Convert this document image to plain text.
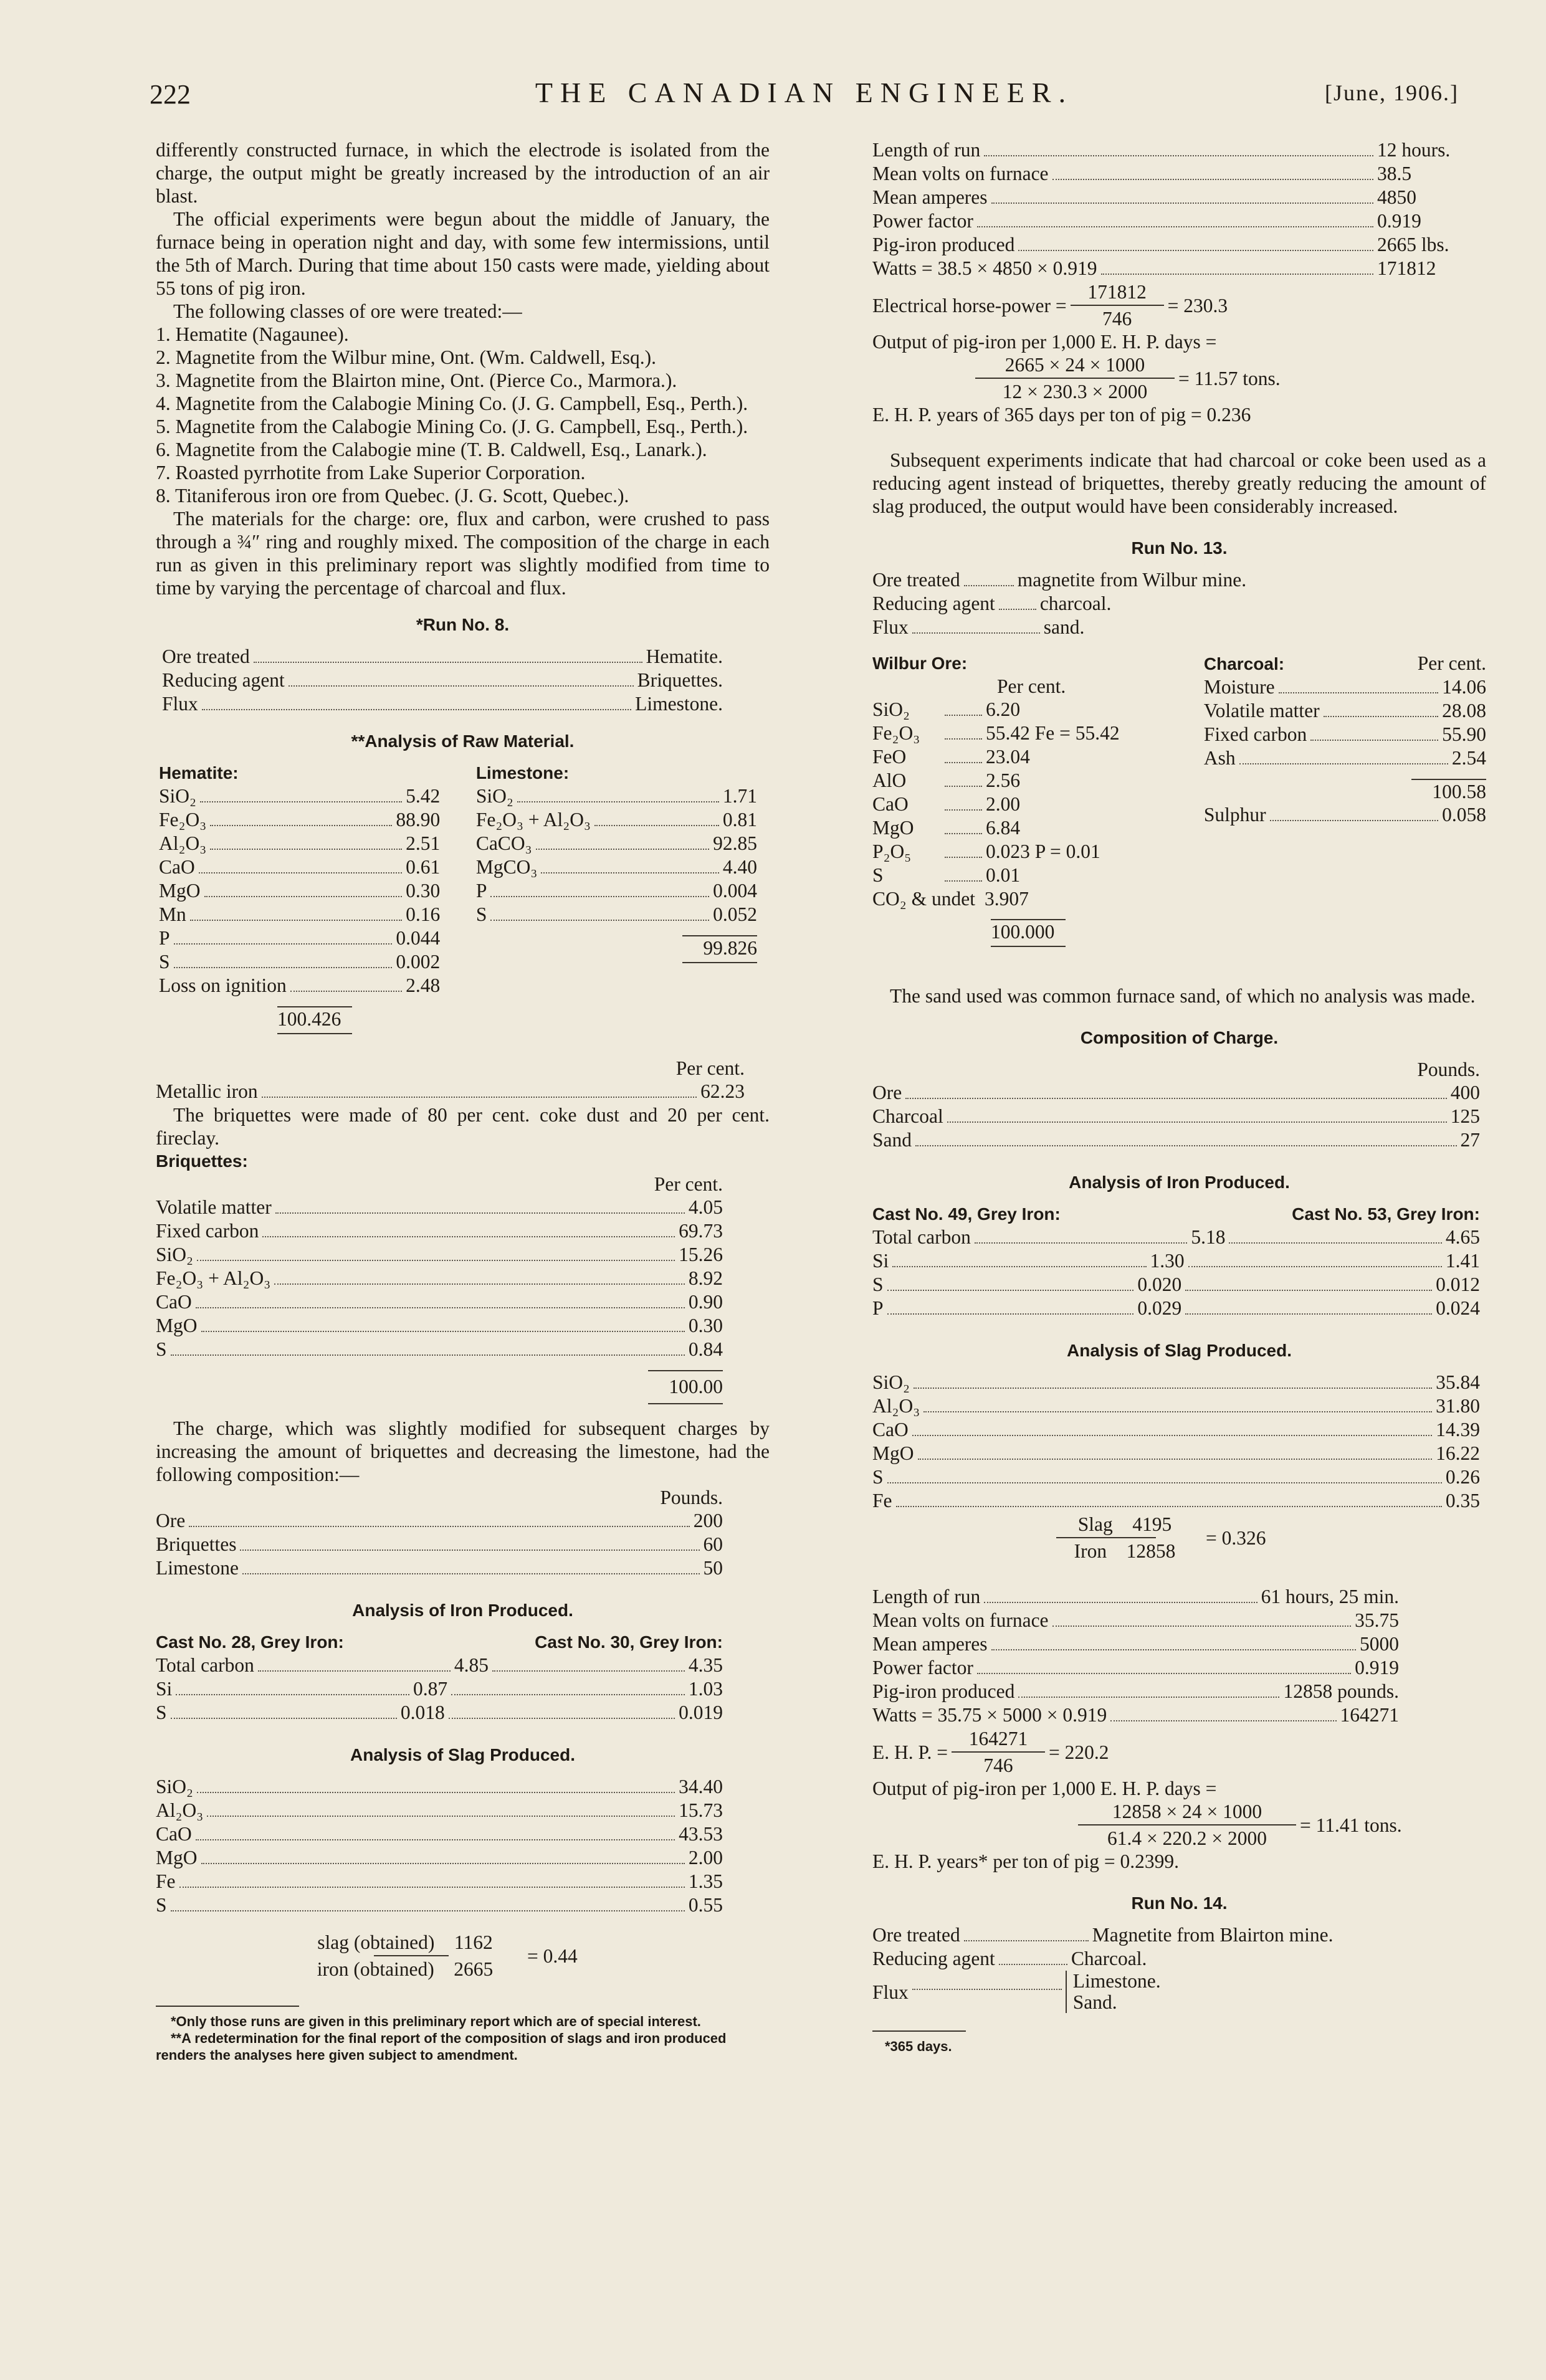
222	THE CANADIAN ENGINEER.	[June, 1906.]

differently constructed furnace, in which the electrode is isolated from the charge, the output might be greatly increased by the introduction of an air blast.

The official experiments were begun about the middle of January, the furnace being in operation night and day, with some few intermissions, until the 5th of March. During that time about 150 casts were made, yielding about 55 tons of pig iron.

The following classes of ore were treated:—

1. Hematite (Nagaunee).
2. Magnetite from the Wilbur mine, Ont. (Wm. Caldwell, Esq.).
3. Magnetite from the Blairton mine, Ont. (Pierce Co., Marmora.).
4. Magnetite from the Calabogie Mining Co. (J. G. Campbell, Esq., Perth.).
5. Magnetite from the Calabogie Mining Co. (J. G. Campbell, Esq., Perth.).
6. Magnetite from the Calabogie mine (T. B. Caldwell, Esq., Lanark.).
7. Roasted pyrrhotite from Lake Superior Corporation.
8. Titaniferous iron ore from Quebec. (J. G. Scott, Quebec.).

The materials for the charge: ore, flux and carbon, were crushed to pass through a ¾″ ring and roughly mixed. The composition of the charge in each run as given in this preliminary report was slightly modified from time to time by varying the percentage of charcoal and flux.

*Run No. 8.
Ore treated	Hematite.
Reducing agent	Briquettes.
Flux	Limestone.
**Analysis of Raw Material.
Hematite:
SiO₂	5.42
Fe₂O₃	88.90
Al₂O₃	2.51
CaO	0.61
MgO	0.30
Mn	0.16
P	0.044
S	0.002
Loss on ignition	2.48
100.426
Limestone:
SiO₂	1.71
Fe₂O₃ + Al₂O₃	0.81
CaCO₃	92.85
MgCO₃	4.40
P	0.004
S	0.052
99.826
Per cent.
Metallic iron	62.23

The briquettes were made of 80 per cent. coke dust and 20 per cent. fireclay.

Briquettes:
Per cent.
Volatile matter	4.05
Fixed carbon	69.73
SiO₂	15.26
Fe₂O₃ + Al₂O₃	8.92
CaO	0.90
MgO	0.30
S	0.84
100.00

The charge, which was slightly modified for subsequent charges by increasing the amount of briquettes and decreasing the limestone, had the following composition:—

Pounds.
Ore	200
Briquettes	60
Limestone	50
Analysis of Iron Produced.
Cast No. 28, Grey Iron:	Cast No. 30, Grey Iron:
Total carbon	4.85	4.35
Si	0.87	1.03
S	0.018	0.019
Analysis of Slag Produced.
SiO₂	34.40
Al₂O₃	15.73
CaO	43.53
MgO	2.00
Fe	1.35
S	0.55
$\frac{\text{slag (obtained) 1162}}{\text{iron (obtained) 2665}} = 0.44$
*Only those runs are given in this preliminary report which are of special interest.
**A redetermination for the final report of the composition of slags and iron produced renders the analyses here given subject to amendment.
Length of run	12 hours.
Mean volts on furnace	38.5
Mean amperes	4850
Power factor	0.919
Pig-iron produced	2665 lbs.
Watts = 38.5 × 4850 × 0.919	171812
Electrical horse-power = $\frac{171812}{746} = 230.3$
Output of pig-iron per 1,000 E. H. P. days =
$\frac{2665 \times 24 \times 1000}{12 \times 230.3 \times 2000} = 11.57$ tons.
E. H. P. years of 365 days per ton of pig = 0.236

Subsequent experiments indicate that had charcoal or coke been used as a reducing agent instead of briquettes, thereby greatly reducing the amount of slag produced, the output would have been considerably increased.

Run No. 13.
Ore treated	magnetite from Wilbur mine.
Reducing agent charcoal.
Flux	sand.
Wilbur Ore:
Per cent.
SiO₂	6.20
Fe₂O₃	55.42 Fe = 55.42
FeO	23.04
AlO	2.56
CaO	2.00
MgO	6.84
P₂O₅	0.023 P = 0.01
S	0.01
CO₂ & undet 3.907
100.000
Charcoal:	Per cent.
Moisture	14.06
Volatile matter	28.08
Fixed carbon	55.90
Ash	2.54
100.58
Sulphur	0.058

The sand used was common furnace sand, of which no analysis was made.

Composition of Charge.
Pounds.
Ore	400
Charcoal	125
Sand	27
Analysis of Iron Produced.
Cast No. 49, Grey Iron:	Cast No. 53, Grey Iron:
Total carbon	5.18	4.65
Si	1.30	1.41
S	0.020	0.012
P	0.029	0.024
Analysis of Slag Produced.
SiO₂	35.84
Al₂O₃	31.80
CaO	14.39
MgO	16.22
S	0.26
Fe	0.35
$\frac{\text{Slag 4195}}{\text{Iron 12858}} = 0.326$
Length of run	61 hours, 25 min.
Mean volts on furnace	35.75
Mean amperes	5000
Power factor	0.919
Pig-iron produced	12858 pounds.
Watts = 35.75 × 5000 × 0.919	164271
E. H. P. = $\frac{164271}{746} = 220.2$
Output of pig-iron per 1,000 E. H. P. days =
$\frac{12858 \times 24 \times 1000}{61.4 \times 220.2 \times 2000} = 11.41$ tons.
E. H. P. years* per ton of pig = 0.2399.
Run No. 14.
Ore treated	Magnetite from Blairton mine.
Reducing agent	Charcoal.
Flux	Limestone.
Sand.
*365 days.
